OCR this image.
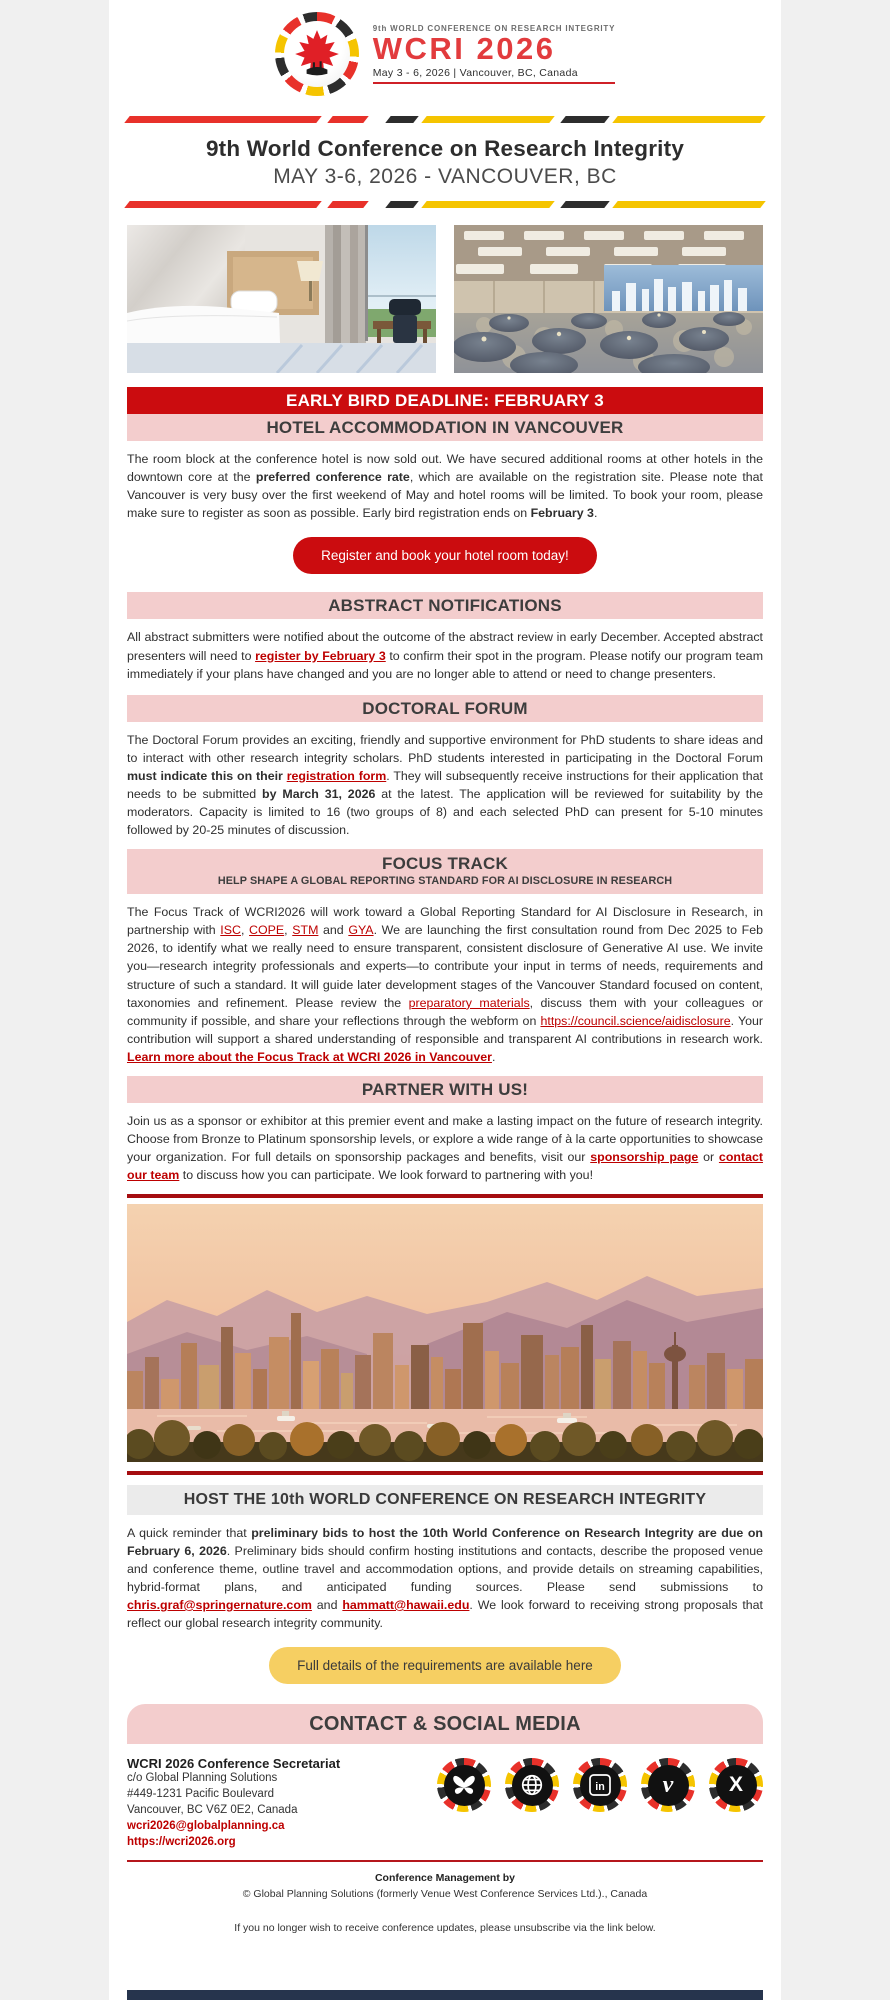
9th WORLD CONFERENCE ON RESEARCH INTEGRITY
WCRI 2026
May 3 - 6, 2026 | Vancouver, BC, Canada
9th World Conference on Research Integrity
MAY 3-6, 2026 - VANCOUVER, BC
EARLY BIRD DEADLINE: FEBRUARY 3
HOTEL ACCOMMODATION IN VANCOUVER

The room block at the conference hotel is now sold out. We have secured additional rooms at other hotels in the downtown core at the preferred conference rate, which are available on the registration site. Please note that Vancouver is very busy over the first weekend of May and hotel rooms will be limited. To book your room, please make sure to register as soon as possible. Early bird registration ends on February 3.

Register and book your hotel room today!
ABSTRACT NOTIFICATIONS

All abstract submitters were notified about the outcome of the abstract review in early December. Accepted abstract presenters will need to register by February 3 to confirm their spot in the program. Please notify our program team immediately if your plans have changed and you are no longer able to attend or need to change presenters.

DOCTORAL FORUM

The Doctoral Forum provides an exciting, friendly and supportive environment for PhD students to share ideas and to interact with other research integrity scholars. PhD students interested in participating in the Doctoral Forum must indicate this on their registration form. They will subsequently receive instructions for their application that needs to be submitted by March 31, 2026 at the latest. The application will be reviewed for suitability by the moderators. Capacity is limited to 16 (two groups of 8) and each selected PhD can present for 5-10 minutes followed by 20-25 minutes of discussion.

FOCUS TRACK
HELP SHAPE A GLOBAL REPORTING STANDARD FOR AI DISCLOSURE IN RESEARCH

The Focus Track of WCRI2026 will work toward a Global Reporting Standard for AI Disclosure in Research, in partnership with ISC, COPE, STM and GYA. We are launching the first consultation round from Dec 2025 to Feb 2026, to identify what we really need to ensure transparent, consistent disclosure of Generative AI use. We invite you—research integrity professionals and experts—to contribute your input in terms of needs, requirements and structure of such a standard. It will guide later development stages of the Vancouver Standard focused on content, taxonomies and refinement. Please review the preparatory materials, discuss them with your colleagues or community if possible, and share your reflections through the webform on https://council.science/aidisclosure. Your contribution will support a shared understanding of responsible and transparent AI contributions in research work. Learn more about the Focus Track at WCRI 2026 in Vancouver.

PARTNER WITH US!

Join us as a sponsor or exhibitor at this premier event and make a lasting impact on the future of research integrity. Choose from Bronze to Platinum sponsorship levels, or explore a wide range of à la carte opportunities to showcase your organization. For full details on sponsorship packages and benefits, visit our sponsorship page or contact our team to discuss how you can participate. We look forward to partnering with you!

HOST THE 10th WORLD CONFERENCE ON RESEARCH INTEGRITY

A quick reminder that preliminary bids to host the 10th World Conference on Research Integrity are due on February 6, 2026. Preliminary bids should confirm hosting institutions and contacts, describe the proposed venue and conference theme, outline travel and accommodation options, and provide details on streaming capabilities, hybrid-format plans, and anticipated funding sources. Please send submissions to chris.graf@springernature.com and hammatt@hawaii.edu. We look forward to receiving strong proposals that reflect our global research integrity community.

Full details of the requirements are available here
CONTACT & SOCIAL MEDIA
WCRI 2026 Conference Secretariat
c/o Global Planning Solutions
#449-1231 Pacific Boulevard
Vancouver, BC V6Z 0E2, Canada
wcri2026@globalplanning.ca
https://wcri2026.org
in v	X
Conference Management by
© Global Planning Solutions (formerly Venue West Conference Services Ltd.)., Canada
If you no longer wish to receive conference updates, please unsubscribe via the link below.
